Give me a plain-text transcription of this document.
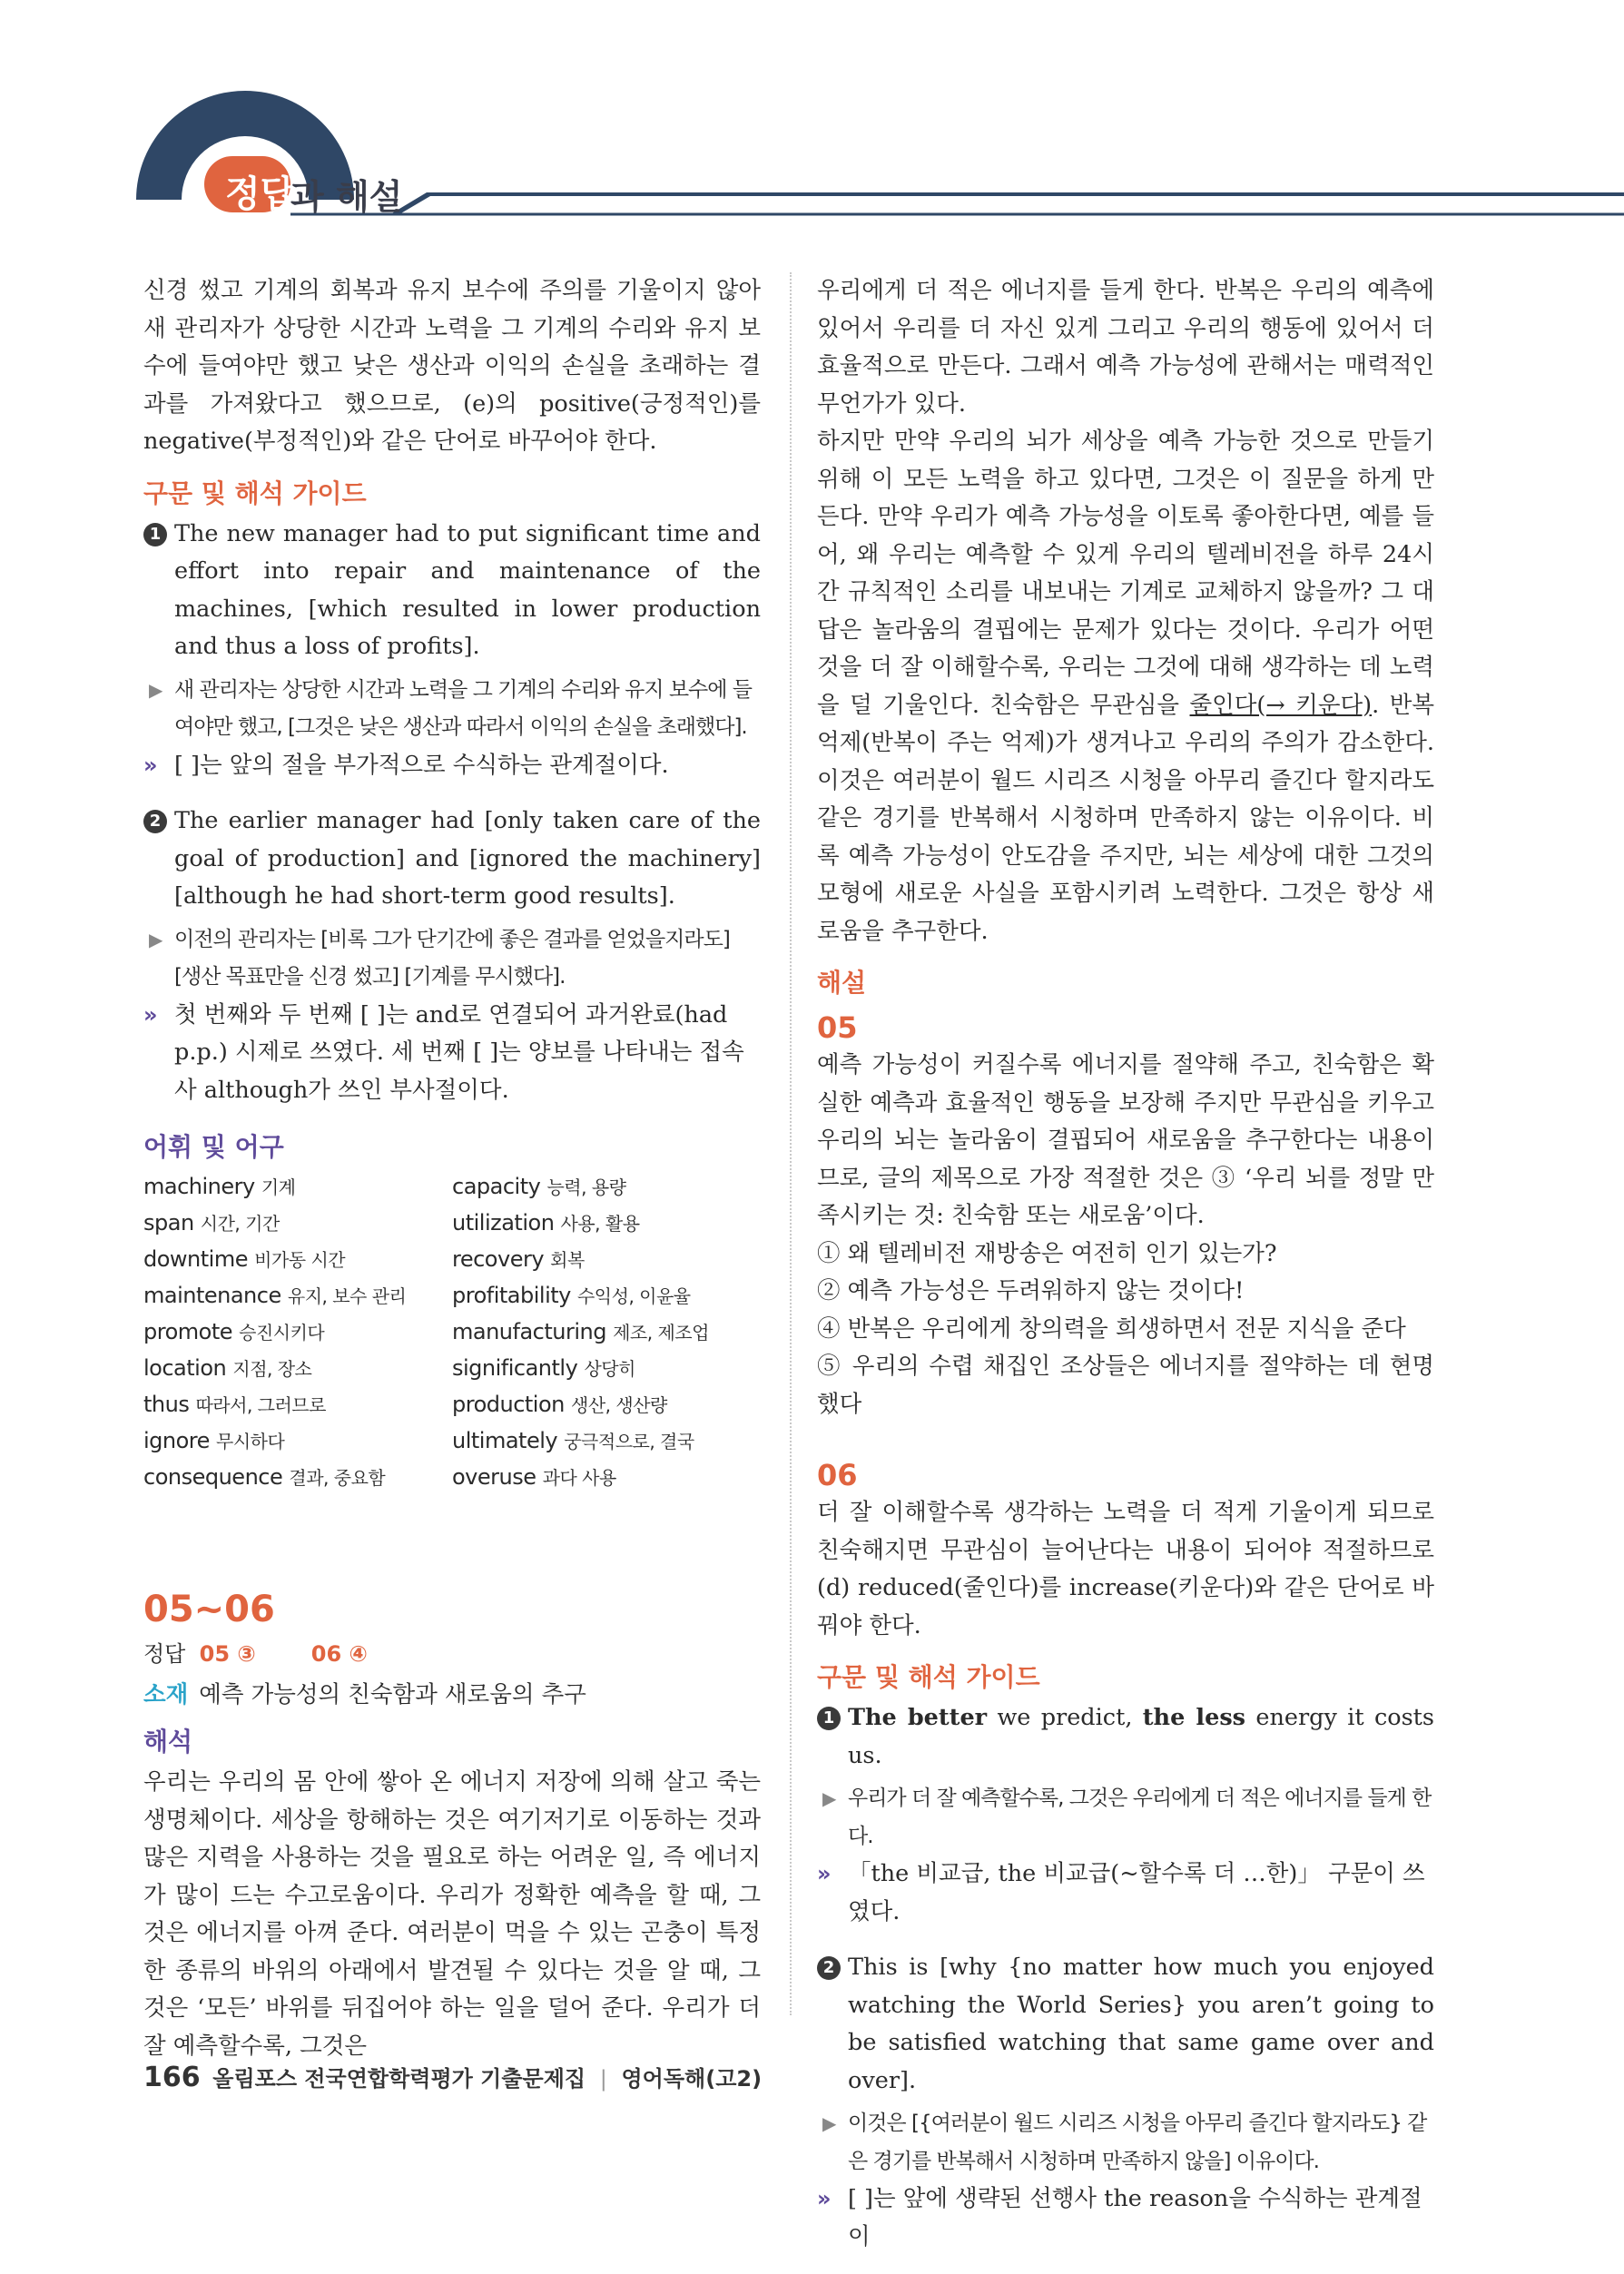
정답
과 해설

신경 썼고 기계의 회복과 유지 보수에 주의를 기울이지 않아 새 관리자가 상당한 시간과 노력을 그 기계의 수리와 유지 보수에 들여야만 했고 낮은 생산과 이익의 손실을 초래하는 결과를 가져왔다고 했으므로, (e)의 positive(긍정적인)를 negative(부정적인)와 같은 단어로 바꾸어야 한다.

구문 및 해석 가이드

1 The new manager had to put significant time and effort into repair and maintenance of the machines, [which resulted in lower production and thus a loss of profits].

▶ 새 관리자는 상당한 시간과 노력을 그 기계의 수리와 유지 보수에 들여야만 했고, [그것은 낮은 생산과 따라서 이익의 손실을 초래했다].

» [ ]는 앞의 절을 부가적으로 수식하는 관계절이다.

2 The earlier manager had [only taken care of the goal of production] and [ignored the machinery] [although he had short-term good results].

▶ 이전의 관리자는 [비록 그가 단기간에 좋은 결과를 얻었을지라도] [생산 목표만을 신경 썼고] [기계를 무시했다].

» 첫 번째와 두 번째 [ ]는 and로 연결되어 과거완료(had p.p.) 시제로 쓰였다. 세 번째 [ ]는 양보를 나타내는 접속사 although가 쓰인 부사절이다.

어휘 및 어구
machinery 기계	capacity 능력, 용량
span 시간, 기간	utilization 사용, 활용
downtime 비가동 시간	recovery 회복
maintenance 유지, 보수 관리	profitability 수익성, 이윤율
promote 승진시키다	manufacturing 제조, 제조업
location 지점, 장소	significantly 상당히
thus 따라서, 그러므로	production 생산, 생산량
ignore 무시하다	ultimately 궁극적으로, 결국
consequence 결과, 중요함	overuse 과다 사용
05~06
정답 05 ③	06 ④
소재 예측 가능성의 친숙함과 새로움의 추구
해석

우리는 우리의 몸 안에 쌓아 온 에너지 저장에 의해 살고 죽는 생명체이다. 세상을 항해하는 것은 여기저기로 이동하는 것과 많은 지력을 사용하는 것을 필요로 하는 어려운 일, 즉 에너지가 많이 드는 수고로움이다. 우리가 정확한 예측을 할 때, 그것은 에너지를 아껴 준다. 여러분이 먹을 수 있는 곤충이 특정한 종류의 바위의 아래에서 발견될 수 있다는 것을 알 때, 그것은 ‘모든’ 바위를 뒤집어야 하는 일을 덜어 준다. 우리가 더 잘 예측할수록, 그것은

우리에게 더 적은 에너지를 들게 한다. 반복은 우리의 예측에 있어서 우리를 더 자신 있게 그리고 우리의 행동에 있어서 더 효율적으로 만든다. 그래서 예측 가능성에 관해서는 매력적인 무언가가 있다.

하지만 만약 우리의 뇌가 세상을 예측 가능한 것으로 만들기 위해 이 모든 노력을 하고 있다면, 그것은 이 질문을 하게 만든다. 만약 우리가 예측 가능성을 이토록 좋아한다면, 예를 들어, 왜 우리는 예측할 수 있게 우리의 텔레비전을 하루 24시간 규칙적인 소리를 내보내는 기계로 교체하지 않을까? 그 대답은 놀라움의 결핍에는 문제가 있다는 것이다. 우리가 어떤 것을 더 잘 이해할수록, 우리는 그것에 대해 생각하는 데 노력을 덜 기울인다. 친숙함은 무관심을 줄인다(→ 키운다). 반복 억제(반복이 주는 억제)가 생겨나고 우리의 주의가 감소한다. 이것은 여러분이 월드 시리즈 시청을 아무리 즐긴다 할지라도 같은 경기를 반복해서 시청하며 만족하지 않는 이유이다. 비록 예측 가능성이 안도감을 주지만, 뇌는 세상에 대한 그것의 모형에 새로운 사실을 포함시키려 노력한다. 그것은 항상 새로움을 추구한다.

해설
05

예측 가능성이 커질수록 에너지를 절약해 주고, 친숙함은 확실한 예측과 효율적인 행동을 보장해 주지만 무관심을 키우고 우리의 뇌는 놀라움이 결핍되어 새로움을 추구한다는 내용이므로, 글의 제목으로 가장 적절한 것은 ③ ‘우리 뇌를 정말 만족시키는 것: 친숙함 또는 새로움’이다.

① 왜 텔레비전 재방송은 여전히 인기 있는가?

② 예측 가능성은 두려워하지 않는 것이다!

④ 반복은 우리에게 창의력을 희생하면서 전문 지식을 준다

⑤ 우리의 수렵 채집인 조상들은 에너지를 절약하는 데 현명했다

06

더 잘 이해할수록 생각하는 노력을 더 적게 기울이게 되므로 친숙해지면 무관심이 늘어난다는 내용이 되어야 적절하므로 (d) reduced(줄인다)를 increase(키운다)와 같은 단어로 바꿔야 한다.

구문 및 해석 가이드

1 The better we predict, the less energy it costs us.

▶ 우리가 더 잘 예측할수록, 그것은 우리에게 더 적은 에너지를 들게 한다.

» 「the 비교급, the 비교급(~할수록 더 …한)」 구문이 쓰였다.

2 This is [why {no matter how much you enjoyed watching the World Series} you aren’t going to be satisfied watching that same game over and over].

▶ 이것은 [{여러분이 월드 시리즈 시청을 아무리 즐긴다 할지라도} 같은 경기를 반복해서 시청하며 만족하지 않을] 이유이다.

» [ ]는 앞에 생략된 선행사 the reason을 수식하는 관계절이

166 올림포스 전국연합학력평가 기출문제집 | 영어독해(고2)
